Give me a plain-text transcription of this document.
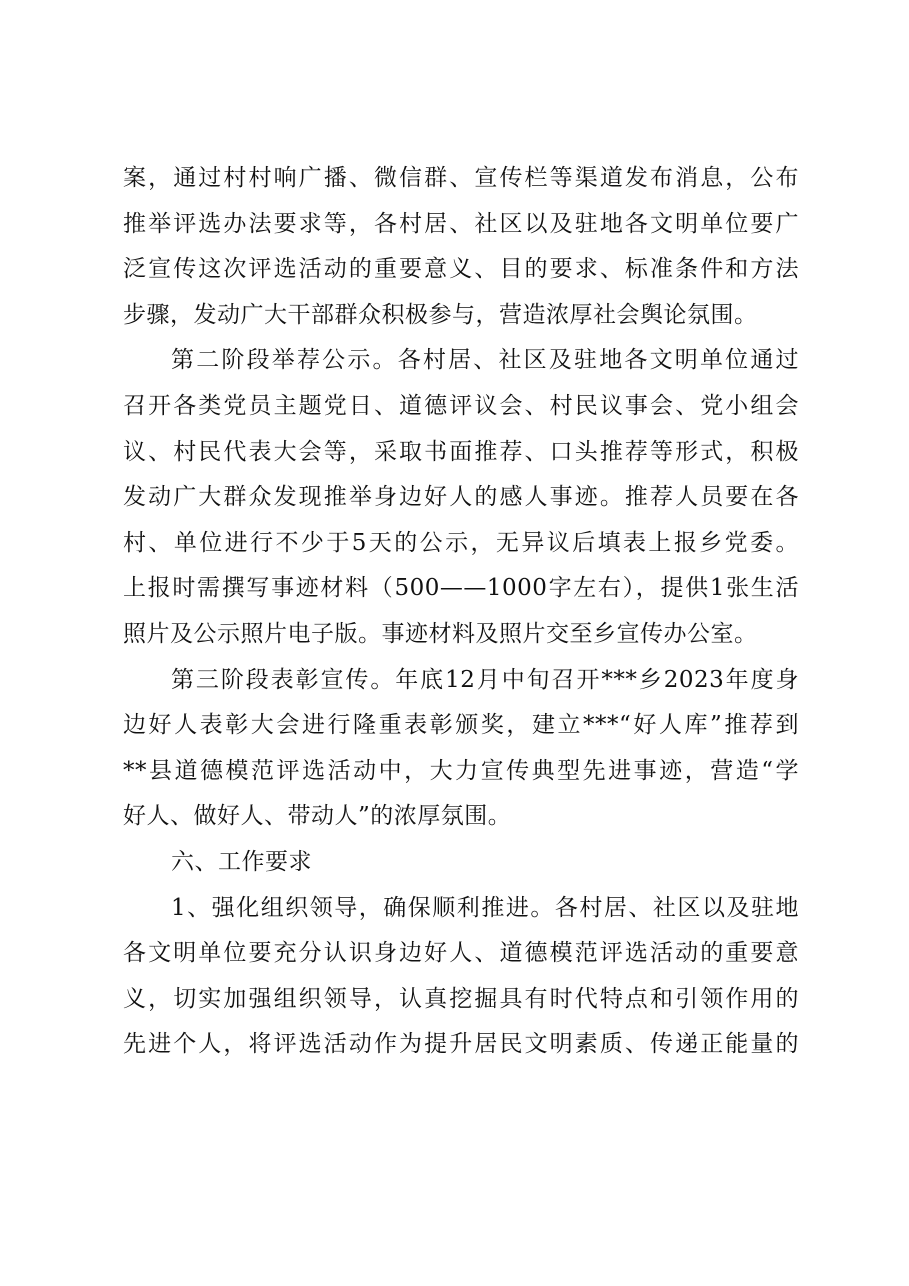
案，通过村村响广播、微信群、宣传栏等渠道发布消息，公布
推举评选办法要求等，各村居、社区以及驻地各文明单位要广
泛宣传这次评选活动的重要意义、目的要求、标准条件和方法
步骤，发动广大干部群众积极参与，营造浓厚社会舆论氛围。
第二阶段举荐公示。各村居、社区及驻地各文明单位通过
召开各类党员主题党日、道德评议会、村民议事会、党小组会
议、村民代表大会等，采取书面推荐、口头推荐等形式，积极
发动广大群众发现推举身边好人的感人事迹。推荐人员要在各
村、单位进行不少于5天的公示，无异议后填表上报乡党委。
上报时需撰写事迹材料（500——1000字左右），提供1张生活
照片及公示照片电子版。事迹材料及照片交至乡宣传办公室。
第三阶段表彰宣传。年底12月中旬召开***乡2023年度身
边好人表彰大会进行隆重表彰颁奖，建立***“好人库”推荐到
**县道德模范评选活动中，大力宣传典型先进事迹，营造“学
好人、做好人、带动人”的浓厚氛围。
六、工作要求
1、强化组织领导，确保顺利推进。各村居、社区以及驻地
各文明单位要充分认识身边好人、道德模范评选活动的重要意
义，切实加强组织领导，认真挖掘具有时代特点和引领作用的
先进个人，将评选活动作为提升居民文明素质、传递正能量的
